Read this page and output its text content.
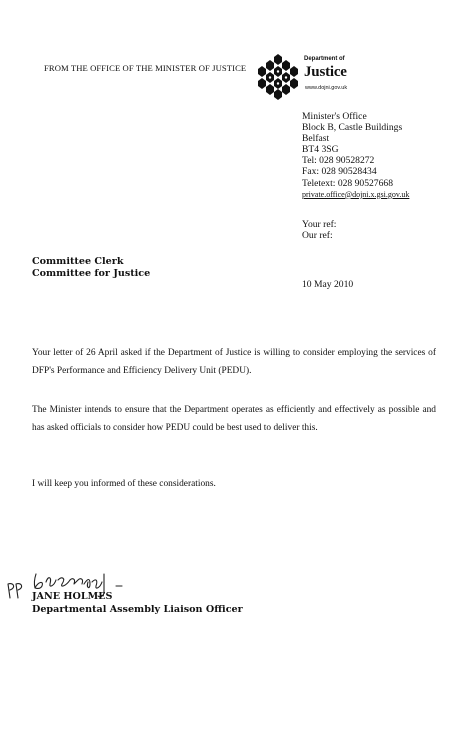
FROM THE OFFICE OF THE MINISTER OF JUSTICE
Department of
Justice
www.dojni.gov.uk
Minister's Office
Block B, Castle Buildings
Belfast
BT4 3SG
Tel: 028 90528272
Fax: 028 90528434
Teletext: 028 90527668
private.office@dojni.x.gsi.gov.uk
Your ref:
Our ref:
Committee Clerk
Committee for Justice
10 May 2010
Your letter of 26 April asked if the Department of Justice is willing to consider employing the services of DFP's Performance and Efficiency Delivery Unit (PEDU).
The Minister intends to ensure that the Department operates as efficiently and effectively as possible and has asked officials to consider how PEDU could be best used to deliver this.
I will keep you informed of these considerations.
JANE HOLMES
Departmental Assembly Liaison Officer
